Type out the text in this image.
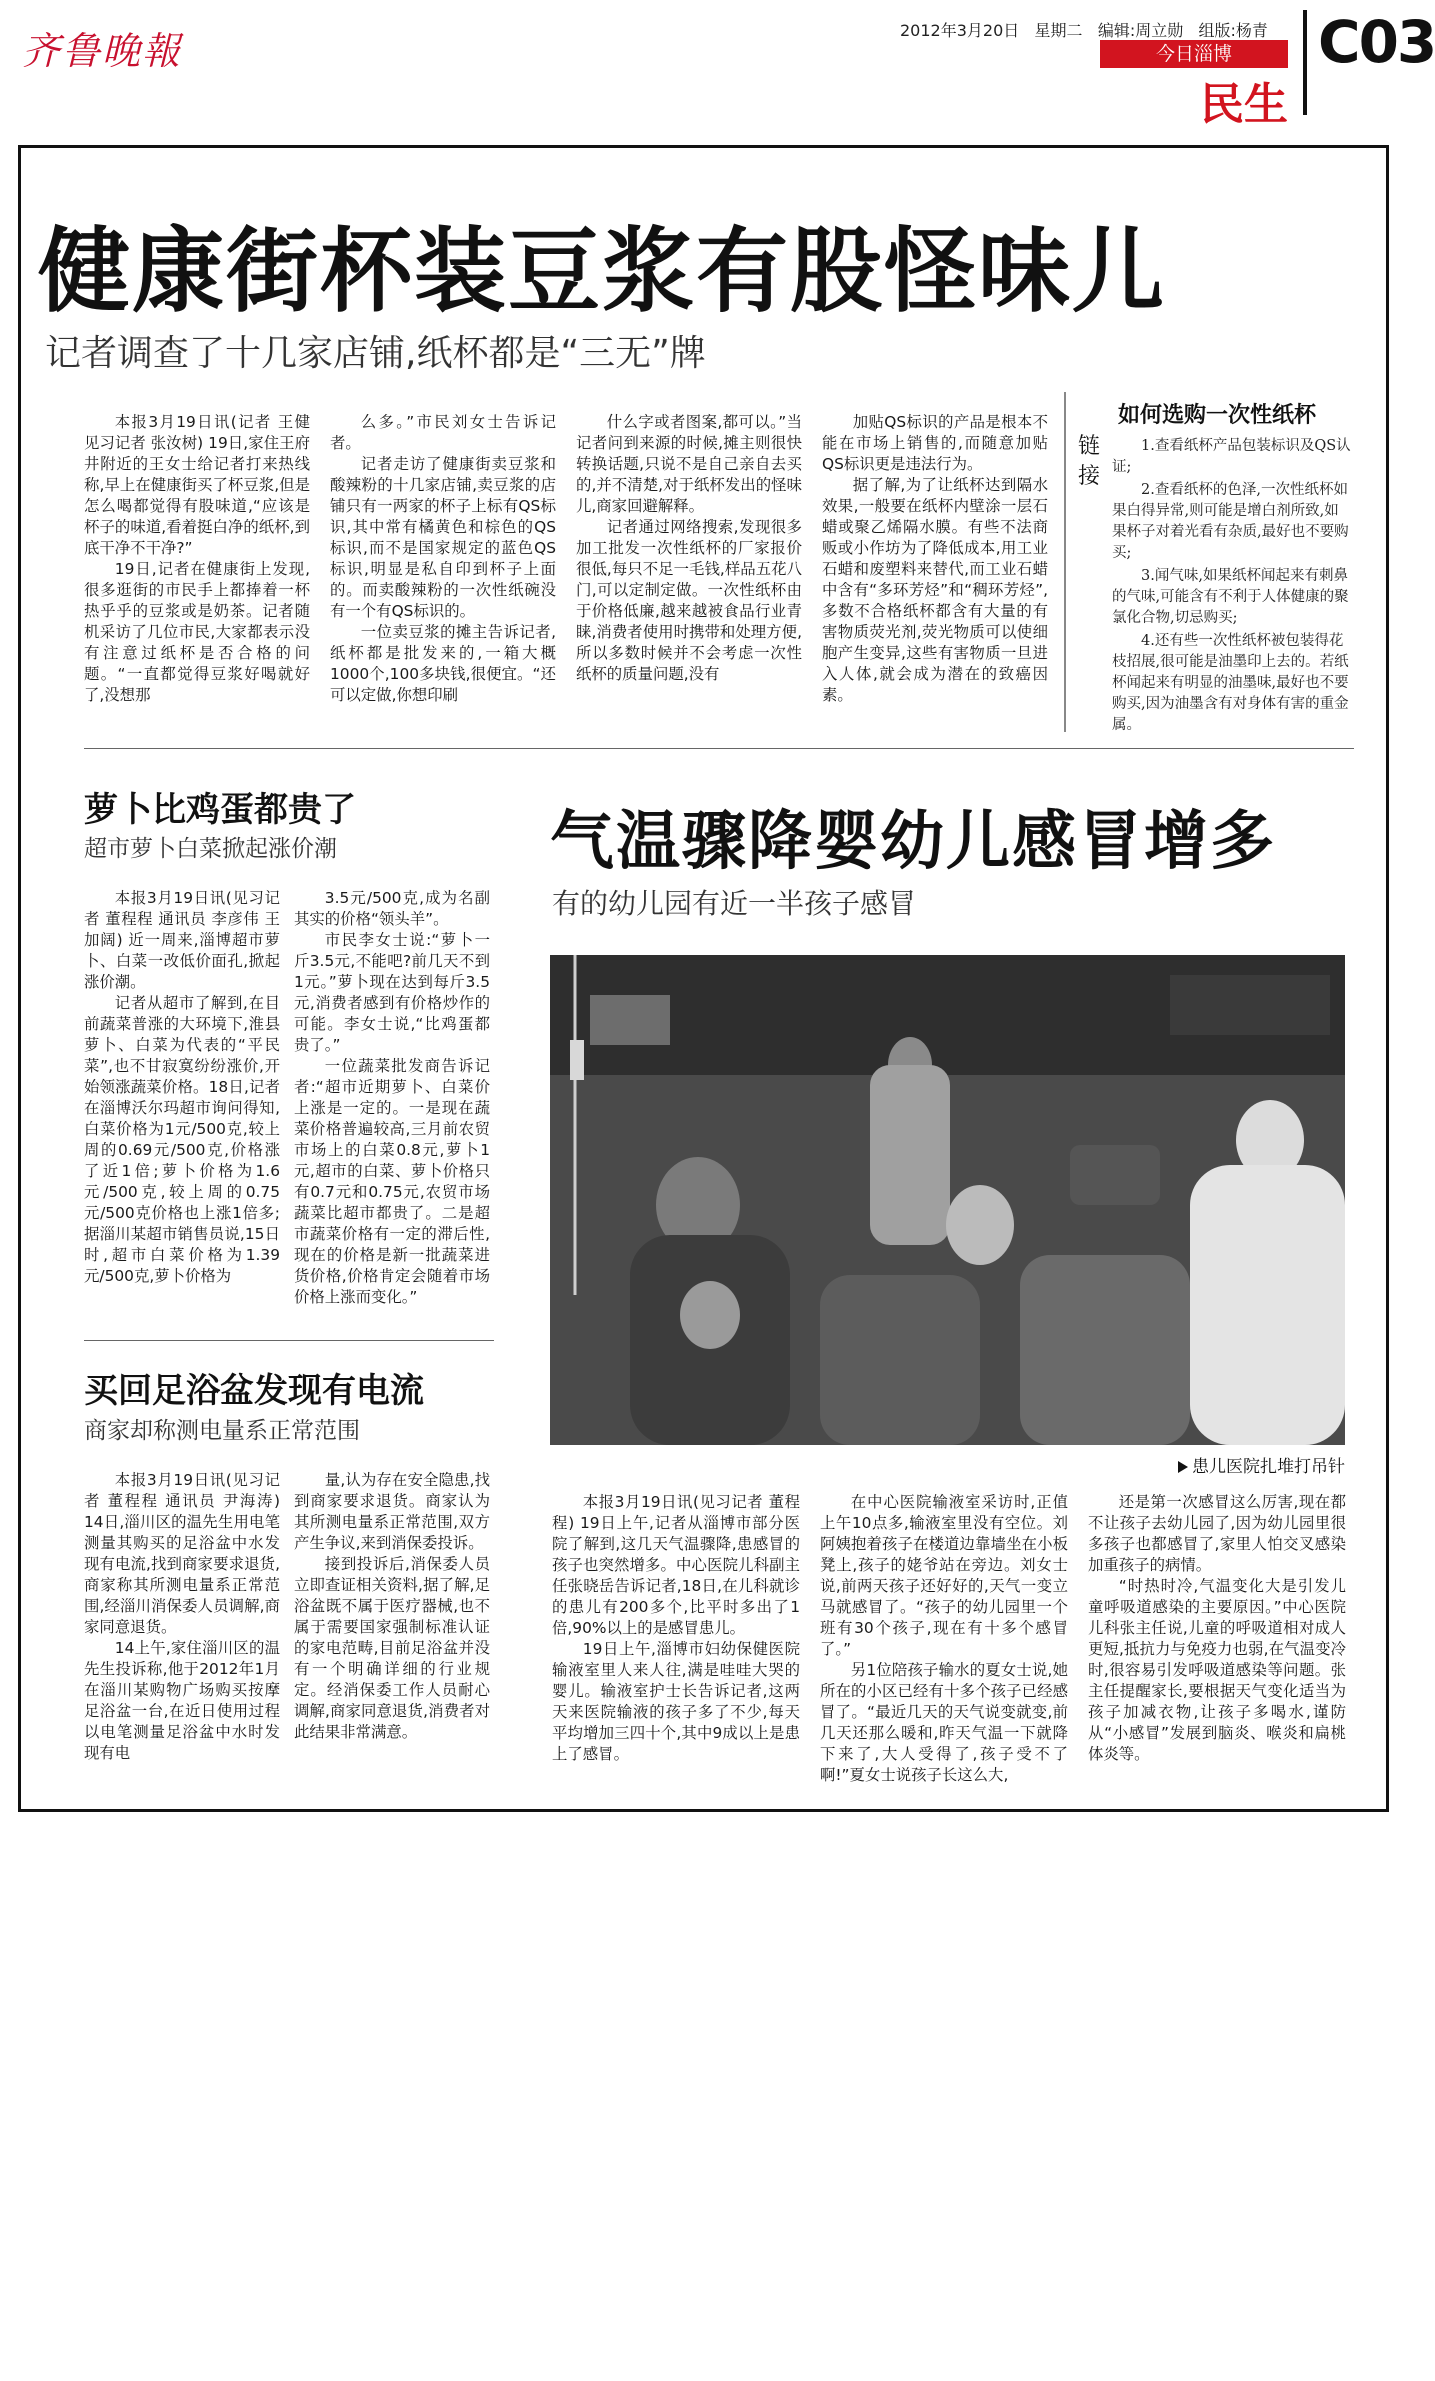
齐鲁晚報	2012年3月20日 星期二 编辑:周立勋 组版:杨青
今日淄博
民生
C03
健康街杯装豆浆有股怪味儿
记者调查了十几家店铺,纸杯都是“三无”牌

本报3月19日讯(记者 王健 见习记者 张汝树) 19日,家住王府井附近的王女士给记者打来热线称,早上在健康街买了杯豆浆,但是怎么喝都觉得有股味道,“应该是杯子的味道,看着挺白净的纸杯,到底干净不干净?”

19日,记者在健康街上发现,很多逛街的市民手上都捧着一杯热乎乎的豆浆或是奶茶。记者随机采访了几位市民,大家都表示没有注意过纸杯是否合格的问题。“一直都觉得豆浆好喝就好了,没想那

么多。”市民刘女士告诉记者。

记者走访了健康街卖豆浆和酸辣粉的十几家店铺,卖豆浆的店铺只有一两家的杯子上标有QS标识,其中常有橘黄色和棕色的QS标识,而不是国家规定的蓝色QS标识,明显是私自印到杯子上面的。而卖酸辣粉的一次性纸碗没有一个有QS标识的。

一位卖豆浆的摊主告诉记者,纸杯都是批发来的,一箱大概1000个,100多块钱,很便宜。“还可以定做,你想印刷

什么字或者图案,都可以。”当记者问到来源的时候,摊主则很快转换话题,只说不是自己亲自去买的,并不清楚,对于纸杯发出的怪味儿,商家回避解释。

记者通过网络搜索,发现很多加工批发一次性纸杯的厂家报价很低,每只不足一毛钱,样品五花八门,可以定制定做。一次性纸杯由于价格低廉,越来越被食品行业青睐,消费者使用时携带和处理方便,所以多数时候并不会考虑一次性纸杯的质量问题,没有

加贴QS标识的产品是根本不能在市场上销售的,而随意加贴QS标识更是违法行为。

据了解,为了让纸杯达到隔水效果,一般要在纸杯内壁涂一层石蜡或聚乙烯隔水膜。有些不法商贩或小作坊为了降低成本,用工业石蜡和废塑料来替代,而工业石蜡中含有“多环芳烃”和“稠环芳烃”,多数不合格纸杯都含有大量的有害物质荧光剂,荧光物质可以使细胞产生变异,这些有害物质一旦进入人体,就会成为潜在的致癌因素。

如何选购一次性纸杯
链接

1.查看纸杯产品包装标识及QS认证;

2.查看纸杯的色泽,一次性纸杯如果白得异常,则可能是增白剂所致,如果杯子对着光看有杂质,最好也不要购买;

3.闻气味,如果纸杯闻起来有刺鼻的气味,可能含有不利于人体健康的聚氯化合物,切忌购买;

4.还有些一次性纸杯被包装得花枝招展,很可能是油墨印上去的。若纸杯闻起来有明显的油墨味,最好也不要购买,因为油墨含有对身体有害的重金属。

萝卜比鸡蛋都贵了
超市萝卜白菜掀起涨价潮

本报3月19日讯(见习记者 董程程 通讯员 李彦伟 王加阔) 近一周来,淄博超市萝卜、白菜一改低价面孔,掀起涨价潮。

记者从超市了解到,在目前蔬菜普涨的大环境下,淮县萝卜、白菜为代表的“平民菜”,也不甘寂寞纷纷涨价,开始领涨蔬菜价格。18日,记者在淄博沃尔玛超市询问得知,白菜价格为1元/500克,较上周的0.69元/500克,价格涨了近1倍;萝卜价格为1.6元/500克,较上周的0.75元/500克价格也上涨1倍多;据淄川某超市销售员说,15日时,超市白菜价格为1.39元/500克,萝卜价格为

3.5元/500克,成为名副其实的价格“领头羊”。

市民李女士说:“萝卜一斤3.5元,不能吧?前几天不到1元。”萝卜现在达到每斤3.5元,消费者感到有价格炒作的可能。李女士说,“比鸡蛋都贵了。”

一位蔬菜批发商告诉记者:“超市近期萝卜、白菜价上涨是一定的。一是现在蔬菜价格普遍较高,三月前农贸市场上的白菜0.8元,萝卜1元,超市的白菜、萝卜价格只有0.7元和0.75元,农贸市场蔬菜比超市都贵了。二是超市蔬菜价格有一定的滞后性,现在的价格是新一批蔬菜进货价格,价格肯定会随着市场价格上涨而变化。”

气温骤降婴幼儿感冒增多
有的幼儿园有近一半孩子感冒
患儿医院扎堆打吊针

本报3月19日讯(见习记者 董程程) 19日上午,记者从淄博市部分医院了解到,这几天气温骤降,患感冒的孩子也突然增多。中心医院儿科副主任张晓岳告诉记者,18日,在儿科就诊的患儿有200多个,比平时多出了1倍,90%以上的是感冒患儿。

19日上午,淄博市妇幼保健医院输液室里人来人往,满是哇哇大哭的婴儿。输液室护士长告诉记者,这两天来医院输液的孩子多了不少,每天平均增加三四十个,其中9成以上是患上了感冒。

在中心医院输液室采访时,正值上午10点多,输液室里没有空位。刘阿姨抱着孩子在楼道边靠墙坐在小板凳上,孩子的姥爷站在旁边。刘女士说,前两天孩子还好好的,天气一变立马就感冒了。“孩子的幼儿园里一个班有30个孩子,现在有十多个感冒了。”

另1位陪孩子输水的夏女士说,她所在的小区已经有十多个孩子已经感冒了。“最近几天的天气说变就变,前几天还那么暖和,昨天气温一下就降下来了,大人受得了,孩子受不了啊!”夏女士说孩子长这么大,

还是第一次感冒这么厉害,现在都不让孩子去幼儿园了,因为幼儿园里很多孩子也都感冒了,家里人怕交叉感染加重孩子的病情。

“时热时冷,气温变化大是引发儿童呼吸道感染的主要原因。”中心医院儿科张主任说,儿童的呼吸道相对成人更短,抵抗力与免疫力也弱,在气温变冷时,很容易引发呼吸道感染等问题。张主任提醒家长,要根据天气变化适当为孩子加减衣物,让孩子多喝水,谨防从“小感冒”发展到脑炎、喉炎和扁桃体炎等。

买回足浴盆发现有电流
商家却称测电量系正常范围

本报3月19日讯(见习记者 董程程 通讯员 尹海涛) 14日,淄川区的温先生用电笔测量其购买的足浴盆中水发现有电流,找到商家要求退货,商家称其所测电量系正常范围,经淄川消保委人员调解,商家同意退货。

14上午,家住淄川区的温先生投诉称,他于2012年1月在淄川某购物广场购买按摩足浴盆一台,在近日使用过程以电笔测量足浴盆中水时发现有电

量,认为存在安全隐患,找到商家要求退货。商家认为其所测电量系正常范围,双方产生争议,来到消保委投诉。

接到投诉后,消保委人员立即查证相关资料,据了解,足浴盆既不属于医疗器械,也不属于需要国家强制标准认证的家电范畴,目前足浴盆并没有一个明确详细的行业规定。经消保委工作人员耐心调解,商家同意退货,消费者对此结果非常满意。
